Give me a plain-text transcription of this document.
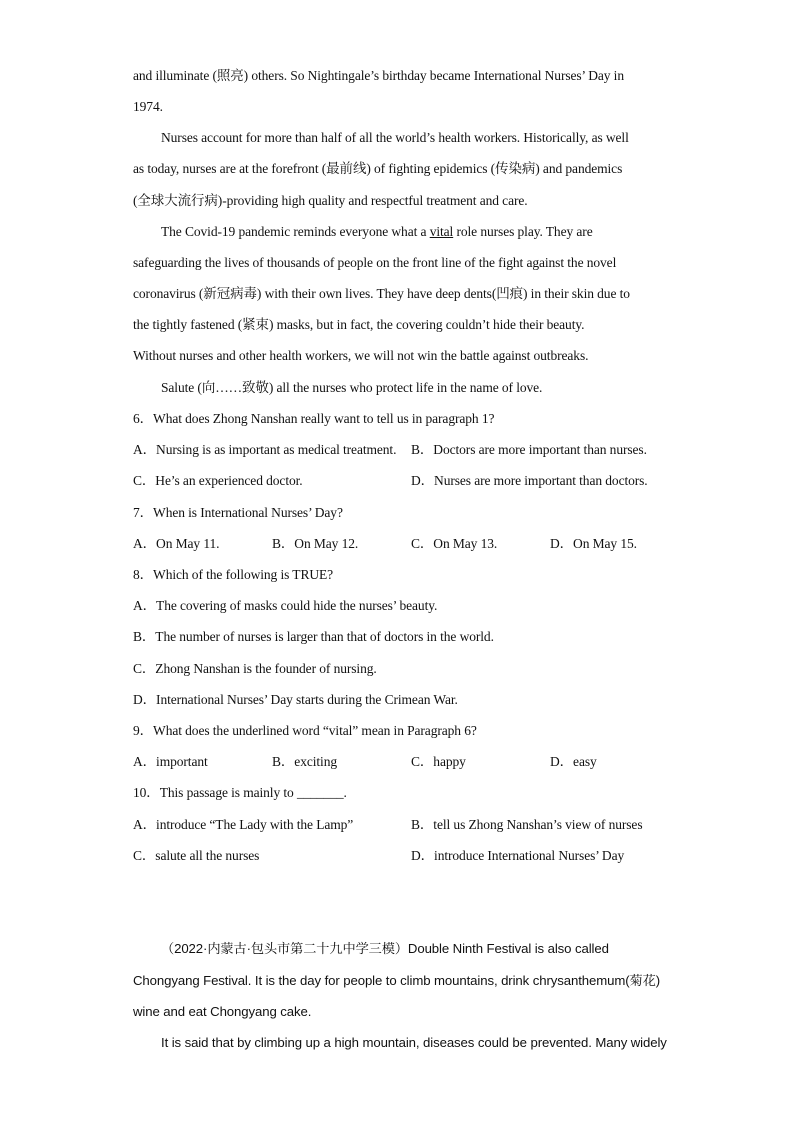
and illuminate (照亮) others. So Nightingale’s birthday became International Nurses’ Day in
1974.
Nurses account for more than half of all the world’s health workers. Historically, as well
as today, nurses are at the forefront (最前线) of fighting epidemics (传染病) and pandemics
(全球大流行病)-providing high quality and respectful treatment and care.
The Covid-19 pandemic reminds everyone what a vital role nurses play. They are
safeguarding the lives of thousands of people on the front line of the fight against the novel
coronavirus (新冠病毒) with their own lives. They have deep dents(凹痕) in their skin due to
the tightly fastened (紧束) masks, but in fact, the covering couldn’t hide their beauty.
Without nurses and other health workers, we will not win the battle against outbreaks.
Salute (向……致敬) all the nurses who protect life in the name of love.
6．What does Zhong Nanshan really want to tell us in paragraph 1?
A．Nursing is as important as medical treatment. B．Doctors are more important than nurses.
C．He’s an experienced doctor.	D．Nurses are more important than doctors.
7．When is International Nurses’ Day?
A．On May 11.	B．On May 12.	C．On May 13.	D．On May 15.
8．Which of the following is TRUE?
A．The covering of masks could hide the nurses’ beauty.
B．The number of nurses is larger than that of doctors in the world.
C．Zhong Nanshan is the founder of nursing.
D．International Nurses’ Day starts during the Crimean War.
9．What does the underlined word “vital” mean in Paragraph 6?
A．important	B．exciting	C．happy	D．easy
10．This passage is mainly to _______.
A．introduce “The Lady with the Lamp”	B．tell us Zhong Nanshan’s view of nurses
C．salute all the nurses	D．introduce International Nurses’ Day
（2022·内蒙古·包头市第二十九中学三模）Double Ninth Festival is also called
Chongyang Festival. It is the day for people to climb mountains, drink chrysanthemum(菊花)
wine and eat Chongyang cake.
It is said that by climbing up a high mountain, diseases could be prevented. Many widely
